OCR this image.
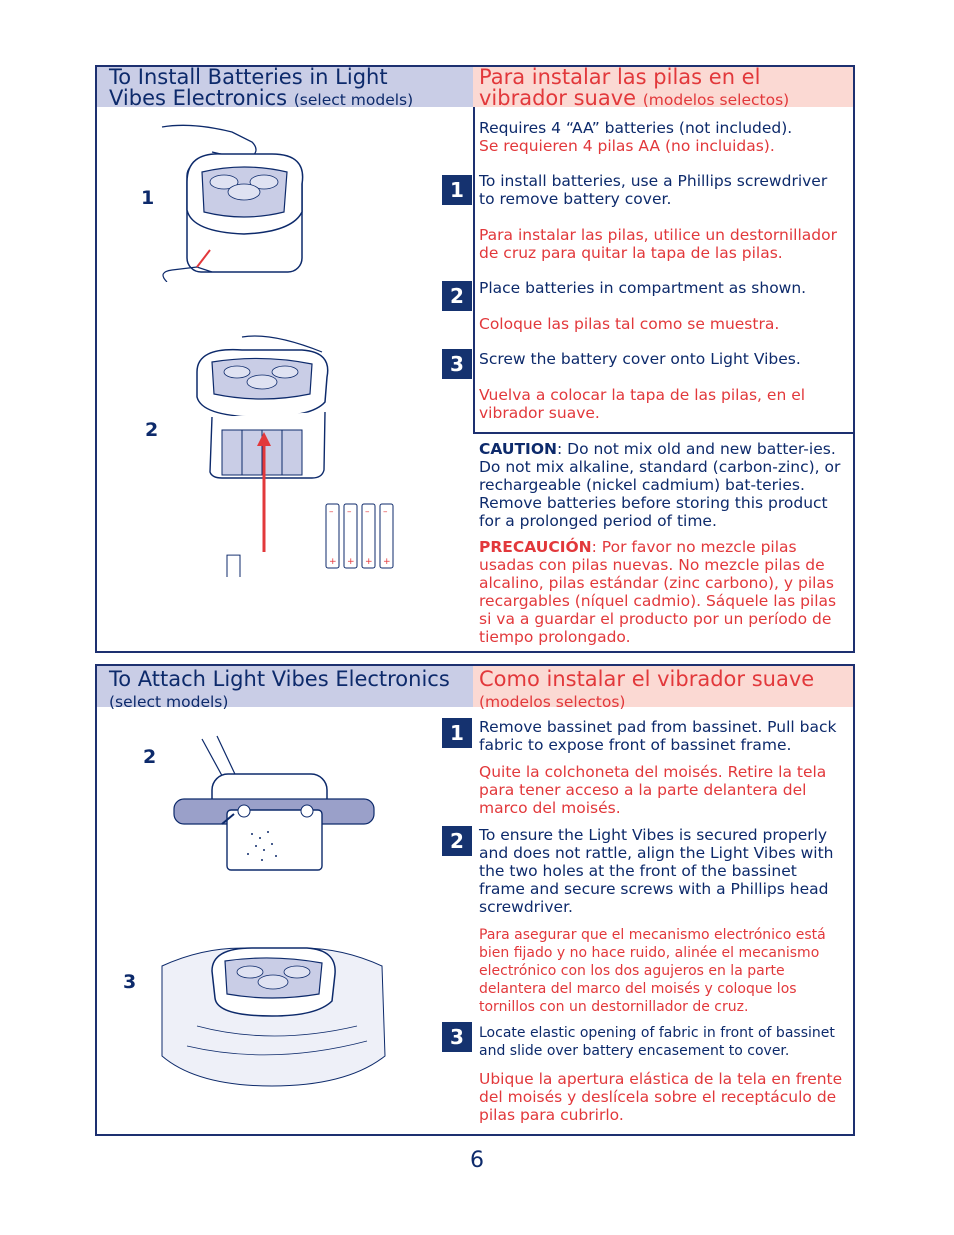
To Install Batteries in Light
Vibes Electronics (select models)
Para instalar las pilas en el
vibrador suave (modelos selectos)
1
2
– – – –
+ + + +
Requires 4 “AA” batteries (not included).
Se requieren 4 pilas AA (no incluidas).
1 To install batteries, use a Phillips screwdriver to remove battery cover.
Para instalar las pilas, utilice un destornillador de cruz para quitar la tapa de las pilas.
2 Place batteries in compartment as shown.
Coloque las pilas tal como se muestra.
3 Screw the battery cover onto Light Vibes.
Vuelva a colocar la tapa de las pilas, en el vibrador suave.
CAUTION: Do not mix old and new batter-ies. Do not mix alkaline, standard (carbon-zinc), or rechargeable (nickel cadmium) bat-teries. Remove batteries before storing this product for a prolonged period of time.
PRECAUCIÓN: Por favor no mezcle pilas usadas con pilas nuevas. No mezcle pilas de alcalino, pilas estándar (zinc carbono), y pilas recargables (níquel cadmio). Sáquele las pilas si va a guardar el producto por un período de tiempo prolongado.
To Attach Light Vibes Electronics
(select models)
Como instalar el vibrador suave
(modelos selectos)
2
3
1 Remove bassinet pad from bassinet. Pull back fabric to expose front of bassinet frame.
Quite la colchoneta del moisés. Retire la tela para tener acceso a la parte delantera del marco del moisés.
2 To ensure the Light Vibes is secured properly and does not rattle, align the Light Vibes with the two holes at the front of the bassinet frame and secure screws with a Phillips head screwdriver.
Para asegurar que el mecanismo electrónico está bien fijado y no hace ruido, alinée el mecanismo electrónico con los dos agujeros en la parte delantera del marco del moisés y coloque los tornillos con un destornillador de cruz.
3	Locate elastic opening of fabric in front of bassinet and slide over battery encasement to cover.
Ubique la apertura elástica de la tela en frente del moisés y deslícela sobre el receptáculo de pilas para cubrirlo.
6
